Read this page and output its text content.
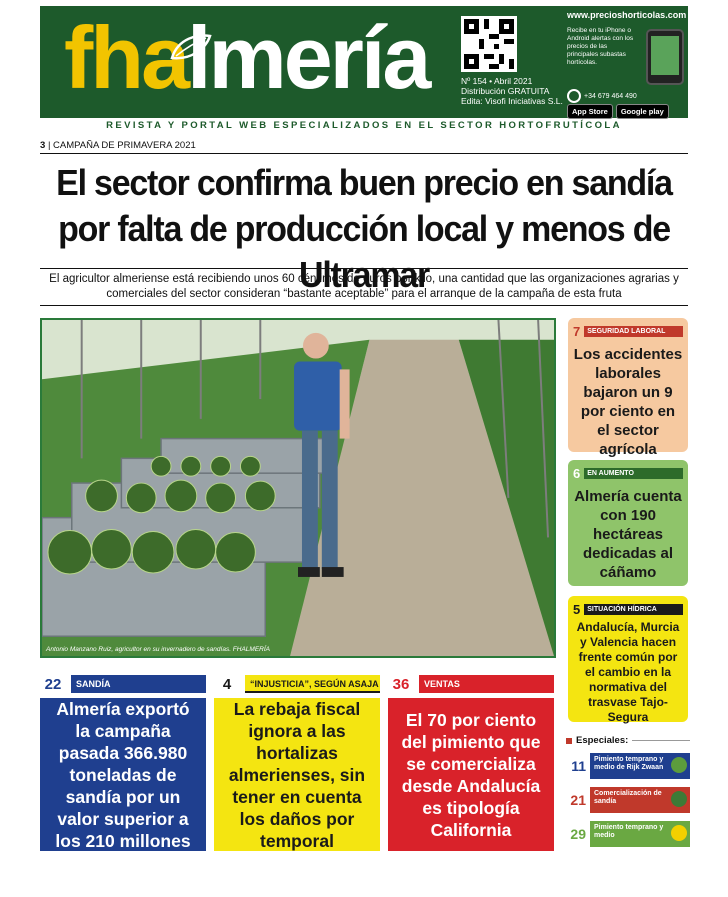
fhalmería	Nº 154 • Abril 2021
Distribución GRATUITA
Edita: Visofi Iniciativas S.L.
www.precioshorticolas.com
Recibe en tu iPhone o Android alertas con los precios de las principales subastas hortícolas.
+34 679 464 490
App Store	Google play
REVISTA Y PORTAL WEB ESPECIALIZADOS EN EL SECTOR HORTOFRUTÍCOLA
3 | CAMPAÑA DE PRIMAVERA 2021
El sector confirma buen precio en sandía por falta de producción local y menos de Ultramar
El agricultor almeriense está recibiendo unos 60 céntimos de euros por kilo, una cantidad que las organizaciones agrarias y comerciales del sector consideran “bastante aceptable” para el arranque de la campaña de esta fruta
Antonio Manzano Ruiz, agricultor en su invernadero de sandías. FHALMERÍA
7	SEGURIDAD LABORAL
Los accidentes laborales bajaron un 9 por ciento en el sector agrícola
6	EN AUMENTO
Almería cuenta con 190 hectáreas dedicadas al cáñamo
5	SITUACIÓN HÍDRICA
Andalucía, Murcia y Valencia hacen frente común por el cambio en la normativa del trasvase Tajo-Segura
22	SANDÍA
Almería exportó la campaña pasada 366.980 toneladas de sandía por un valor superior a los 210 millones
4	“INJUSTICIA”, SEGÚN ASAJA
La rebaja fiscal ignora a las hortalizas almerienses, sin tener en cuenta los daños por temporal
36	VENTAS
El 70 por ciento del pimiento que se comercializa desde Andalucía es tipología California
Especiales:
11	Pimiento temprano y medio de Rijk Zwaan
21	Comercialización de sandía
29	Pimiento temprano y medio
